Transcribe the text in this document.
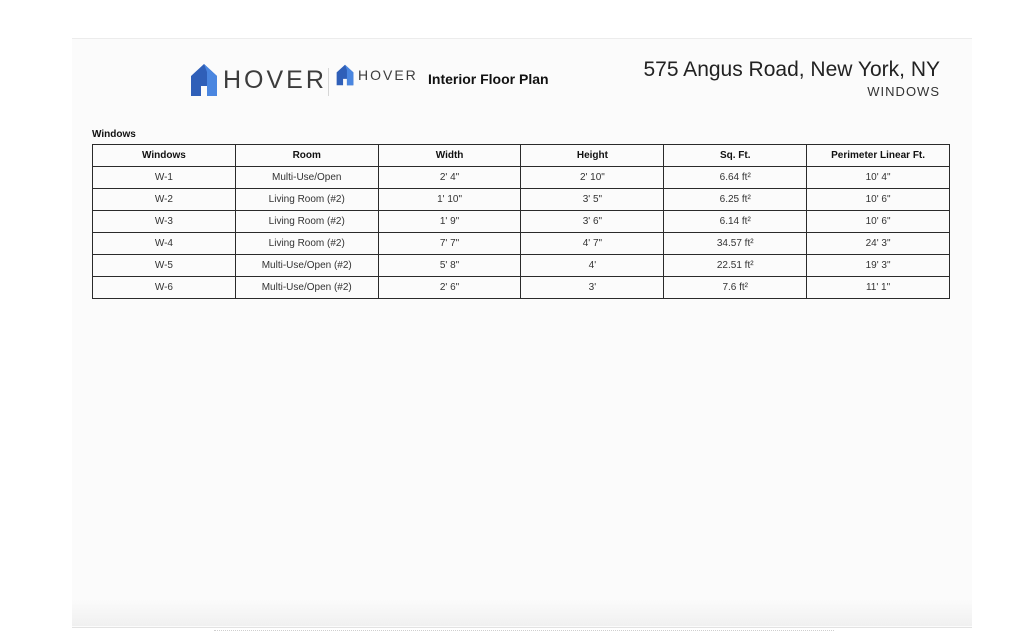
HOVER HOVER Interior Floor Plan	575 Angus Road, New York, NY
WINDOWS
Windows
Windows	Room	Width	Height	Sq. Ft.	Perimeter Linear Ft.
W-1	Multi-Use/Open	2' 4"	2' 10"	6.64 ft²	10' 4"
W-2	Living Room (#2)	1' 10"	3' 5"	6.25 ft²	10' 6"
W-3	Living Room (#2)	1' 9"	3' 6"	6.14 ft²	10' 6"
W-4	Living Room (#2)	7' 7"	4' 7"	34.57 ft²	24' 3"
W-5	Multi-Use/Open (#2)	5' 8"	4'	22.51 ft²	19' 3"
W-6	Multi-Use/Open (#2)	2' 6"	3'	7.6 ft²	11' 1"
